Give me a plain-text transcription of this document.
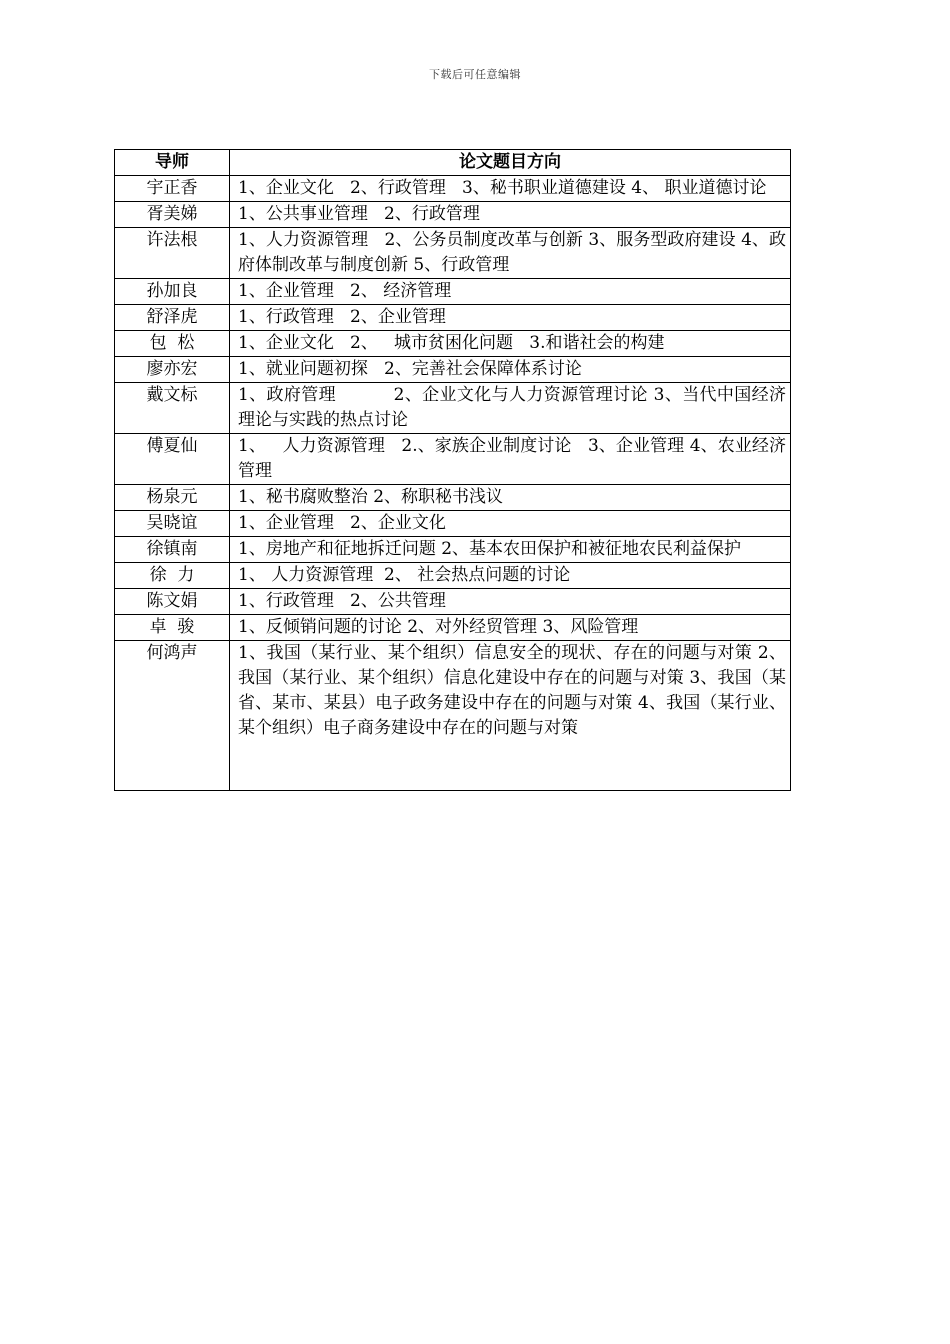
下载后可任意编辑
导师	论文题目方向
宇正香	1、企业文化   2、行政管理   3、秘书职业道德建设 4、 职业道德讨论
胥美娣	1、公共事业管理   2、行政管理
许法根	1、人力资源管理   2、公务员制度改革与创新 3、服务型政府建设 4、政府体制改革与制度创新 5、行政管理
孙加良	1、企业管理   2、 经济管理
舒泽虎	1、行政管理   2、企业管理
包  松	1、企业文化   2、   城市贫困化问题   3.和谐社会的构建
廖亦宏	1、就业问题初探   2、完善社会保障体系讨论
戴文标	1、政府管理          2、企业文化与人力资源管理讨论 3、当代中国经济理论与实践的热点讨论
傅夏仙	1、   人力资源管理   2.、家族企业制度讨论   3、企业管理 4、农业经济管理
杨泉元	1、秘书腐败整治 2、称职秘书浅议
吴晓谊	1、企业管理   2、企业文化
徐镇南	1、房地产和征地拆迁问题 2、基本农田保护和被征地农民利益保护
徐  力	1、 人力资源管理  2、 社会热点问题的讨论
陈文娟	1、行政管理   2、公共管理
卓  骏	1、反倾销问题的讨论 2、对外经贸管理 3、风险管理
何鸿声	1、我国（某行业、某个组织）信息安全的现状、存在的问题与对策 2、我国（某行业、某个组织）信息化建设中存在的问题与对策 3、我国（某省、某市、某县）电子政务建设中存在的问题与对策 4、我国（某行业、某个组织）电子商务建设中存在的问题与对策
